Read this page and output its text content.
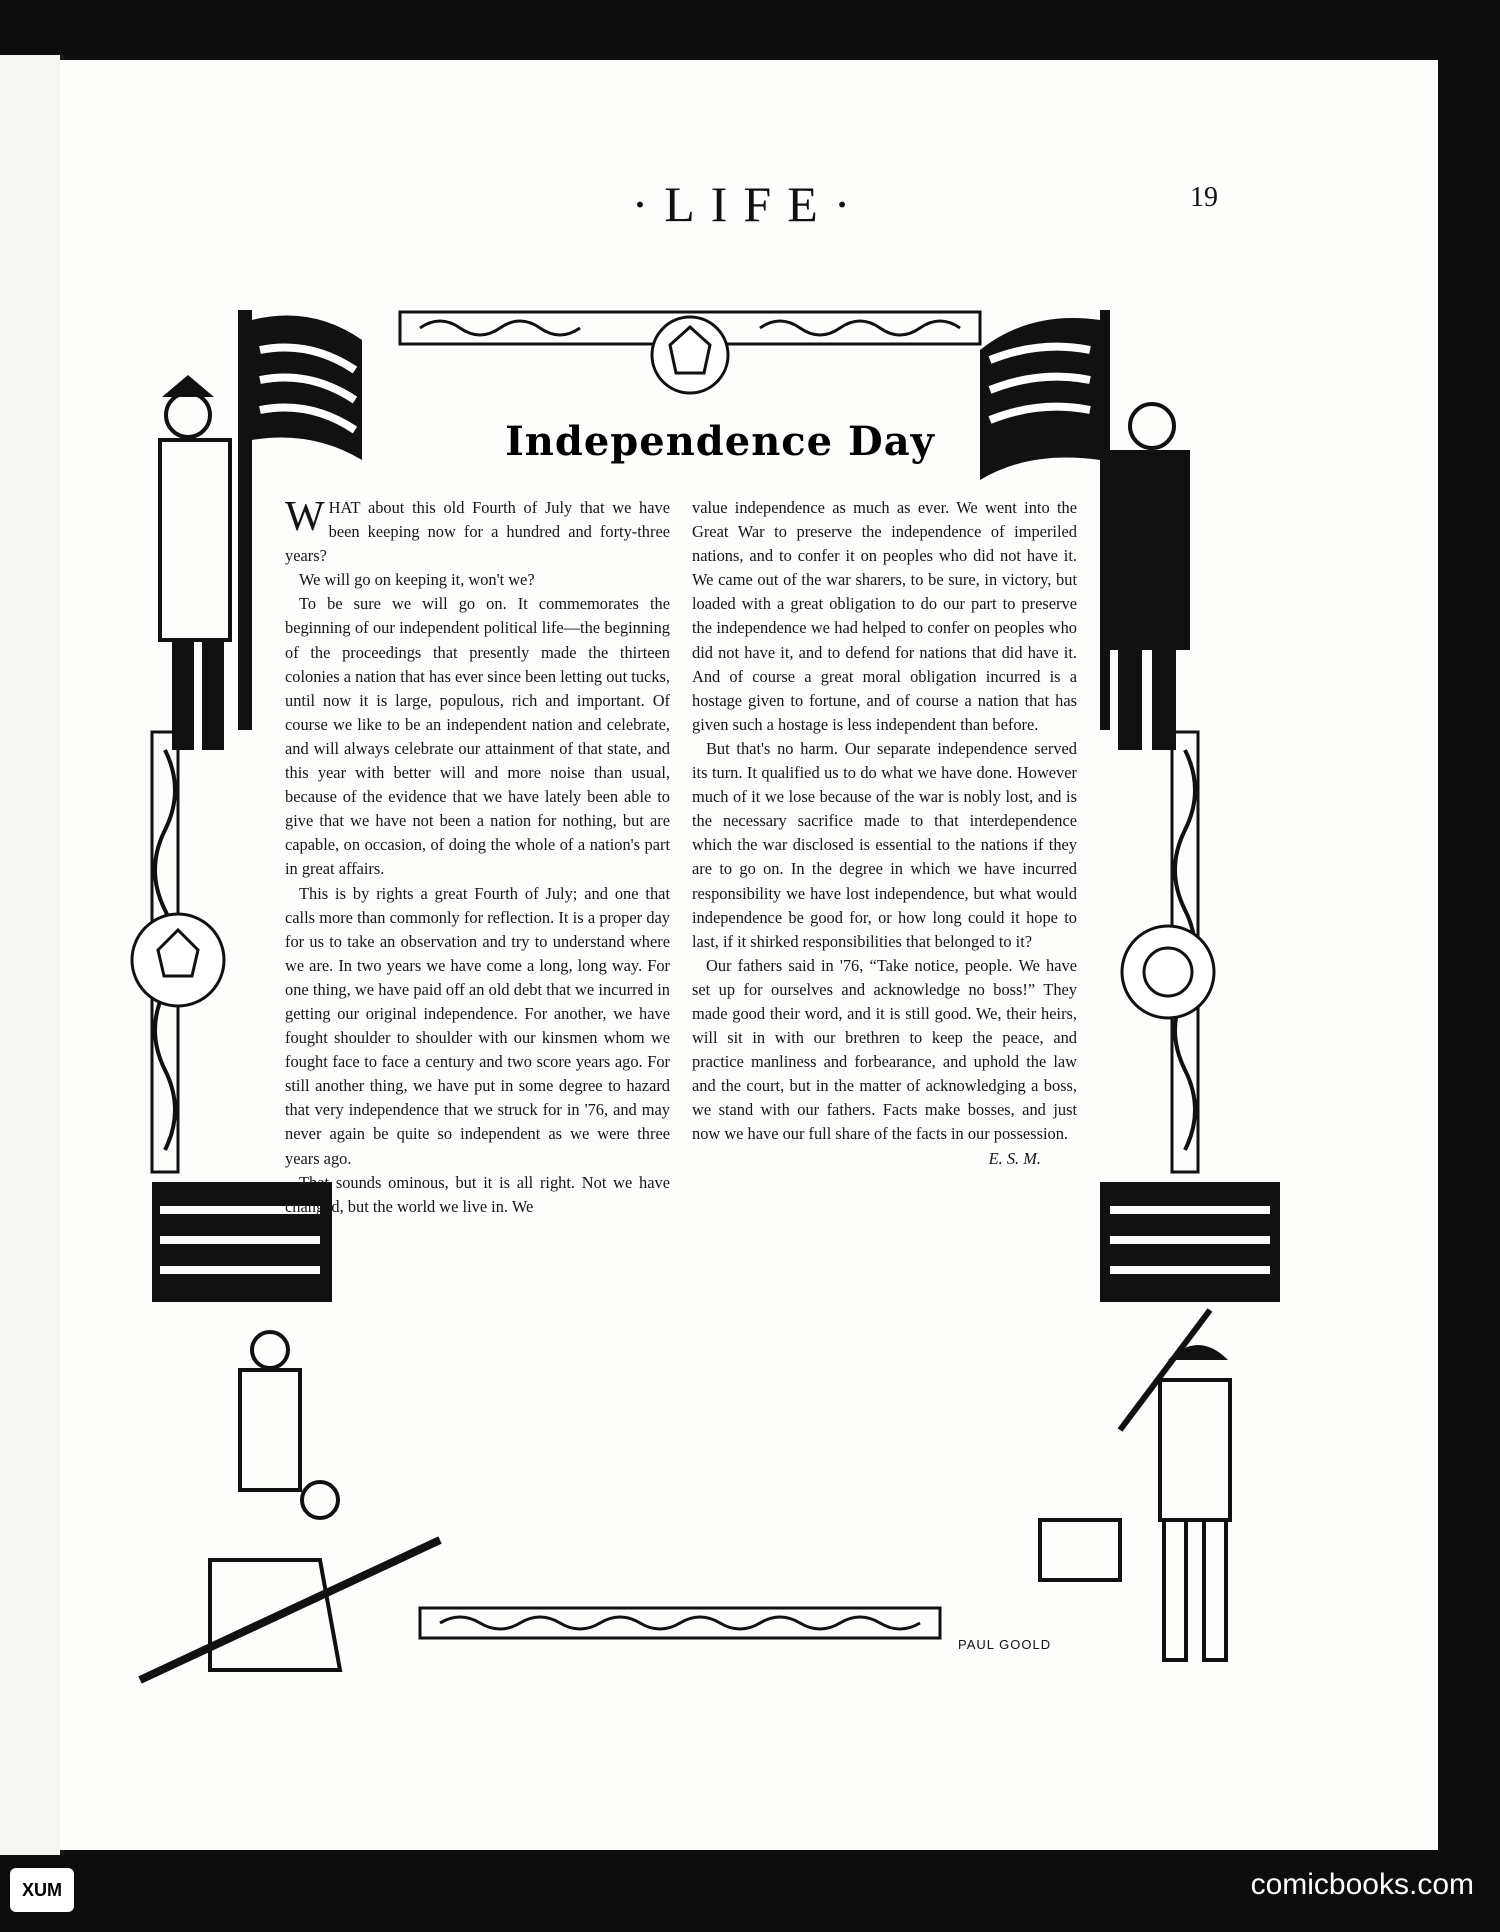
·LIFE·	19
Independence Day

WHAT about this old Fourth of July that we have been keeping now for a hundred and forty-three years?

We will go on keeping it, won't we?

To be sure we will go on. It commemorates the beginning of our independent political life—the beginning of the proceedings that presently made the thirteen colonies a nation that has ever since been letting out tucks, until now it is large, populous, rich and important. Of course we like to be an independent nation and celebrate, and will always celebrate our attainment of that state, and this year with better will and more noise than usual, because of the evidence that we have lately been able to give that we have not been a nation for nothing, but are capable, on occasion, of doing the whole of a nation's part in great affairs.

This is by rights a great Fourth of July; and one that calls more than commonly for reflection. It is a proper day for us to take an observation and try to understand where we are. In two years we have come a long, long way. For one thing, we have paid off an old debt that we incurred in getting our original independence. For another, we have fought shoulder to shoulder with our kinsmen whom we fought face to face a century and two score years ago. For still another thing, we have put in some degree to hazard that very independence that we struck for in '76, and may never again be quite so independent as we were three years ago.

That sounds ominous, but it is all right. Not we have changed, but the world we live in. We

value independence as much as ever. We went into the Great War to preserve the independence of imperiled nations, and to confer it on peoples who did not have it. We came out of the war sharers, to be sure, in victory, but loaded with a great obligation to do our part to preserve the independence we had helped to confer on peoples who did not have it, and to defend for nations that did have it. And of course a great moral obligation incurred is a hostage given to fortune, and of course a nation that has given such a hostage is less independent than before.

But that's no harm. Our separate independence served its turn. It qualified us to do what we have done. However much of it we lose because of the war is nobly lost, and is the necessary sacrifice made to that interdependence which the war disclosed is essential to the nations if they are to go on. In the degree in which we have incurred responsibility we have lost independence, but what would independence be good for, or how long could it hope to last, if it shirked responsibilities that belonged to it?

Our fathers said in '76, “Take notice, people. We have set up for ourselves and acknowledge no boss!” They made good their word, and it is still good. We, their heirs, will sit in with our brethren to keep the peace, and practice manliness and forbearance, and uphold the law and the court, but in the matter of acknowledging a boss, we stand with our fathers. Facts make bosses, and just now we have our full share of the facts in our possession.

E. S. M.

PAUL GOOLD
XUM	comicbooks.com
